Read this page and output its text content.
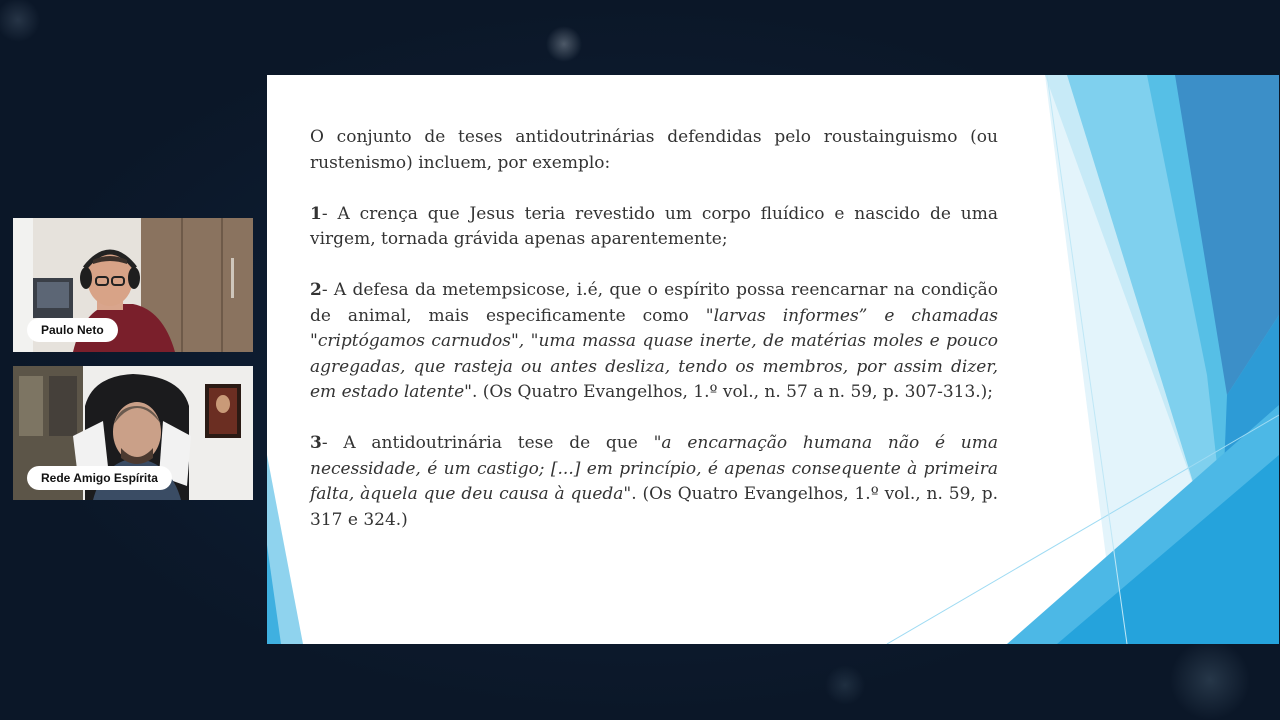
Paulo Neto
Rede Amigo Espírita

O conjunto de teses antidoutrinárias defendidas pelo roustainguismo (ou rustenismo) incluem, por exemplo:

1- A crença que Jesus teria revestido um corpo fluídico e nascido de uma virgem, tornada grávida apenas aparentemente;

2- A defesa da metempsicose, i.é, que o espírito possa reencarnar na condição de animal, mais especificamente como "larvas informes” e chamadas "criptógamos carnudos", "uma massa quase inerte, de matérias moles e pouco agregadas, que rasteja ou antes desliza, tendo os membros, por assim dizer, em estado latente". (Os Quatro Evangelhos, 1.º vol., n. 57 a n. 59, p. 307-313.);

3- A antidoutrinária tese de que "a encarnação humana não é uma necessidade, é um castigo; [...] em princípio, é apenas consequente à primeira falta, àquela que deu causa à queda". (Os Quatro Evangelhos, 1.º vol., n. 59, p. 317 e 324.)
